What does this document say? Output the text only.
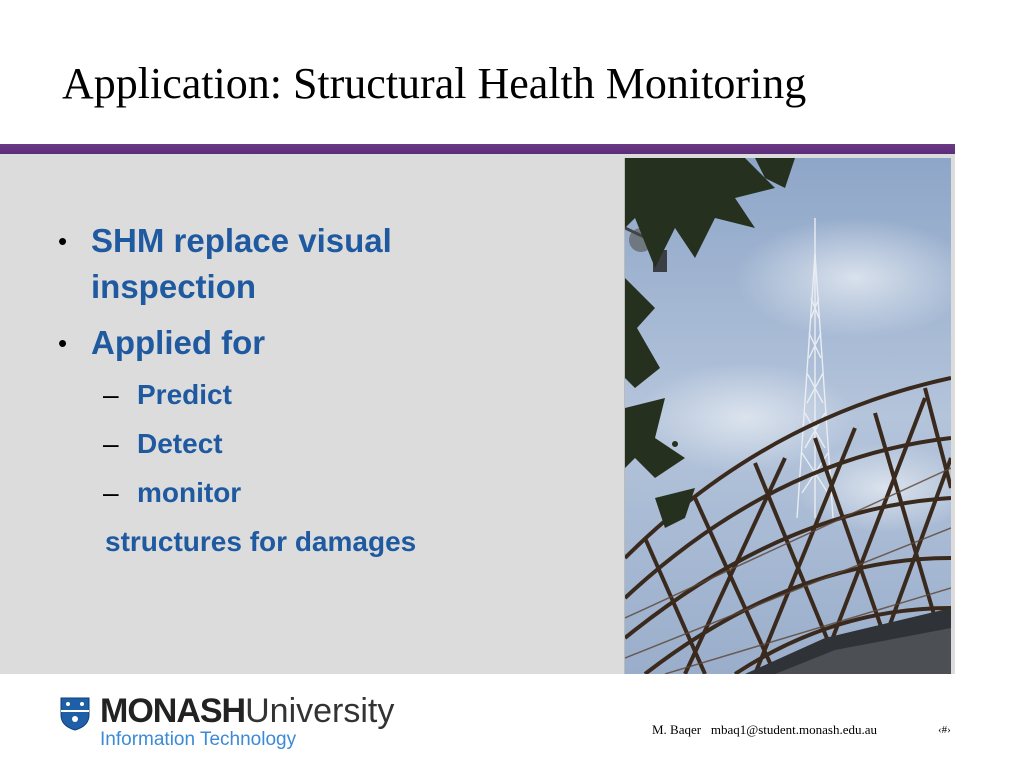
Application: Structural Health Monitoring
• SHM replace visual inspection
• Applied for
– Predict
– Detect
– monitor
structures for damages
MONASHUniversity
Information Technology	M. Baqer mbaq1@student.monash.edu.au	‹#›
